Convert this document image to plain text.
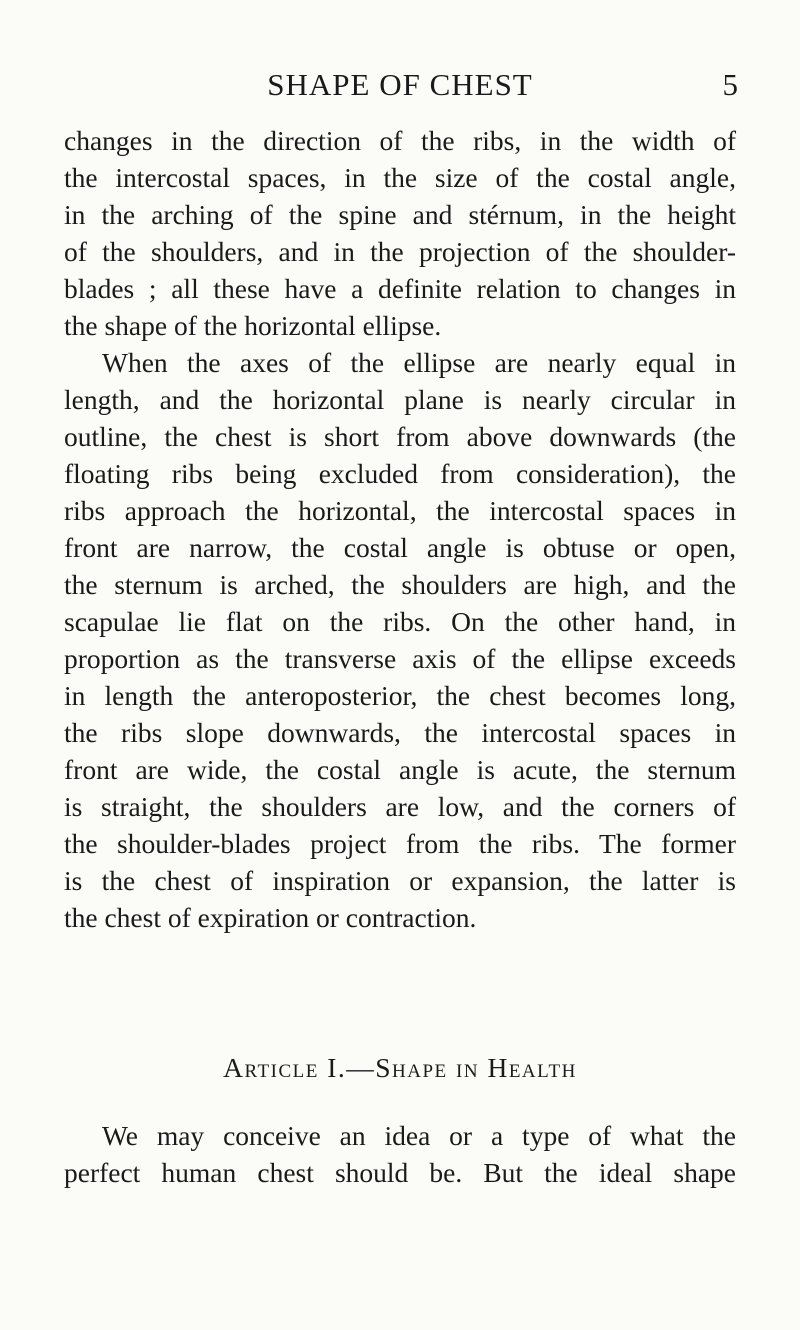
SHAPE OF CHEST	5
changes in the direction of the ribs, in the width of
the intercostal spaces, in the size of the costal angle,
in the arching of the spine and stérnum, in the height
of the shoulders, and in the projection of the shoulder-
blades ; all these have a definite relation to changes in
the shape of the horizontal ellipse.
When the axes of the ellipse are nearly equal in
length, and the horizontal plane is nearly circular in
outline, the chest is short from above downwards (the
floating ribs being excluded from consideration), the
ribs approach the horizontal, the intercostal spaces in
front are narrow, the costal angle is obtuse or open,
the sternum is arched, the shoulders are high, and the
scapulae lie flat on the ribs. On the other hand, in
proportion as the transverse axis of the ellipse exceeds
in length the anteroposterior, the chest becomes long,
the ribs slope downwards, the intercostal spaces in
front are wide, the costal angle is acute, the sternum
is straight, the shoulders are low, and the corners of
the shoulder-blades project from the ribs. The former
is the chest of inspiration or expansion, the latter is
the chest of expiration or contraction.
Article I.—Shape in Health
We may conceive an idea or a type of what the
perfect human chest should be. But the ideal shape
